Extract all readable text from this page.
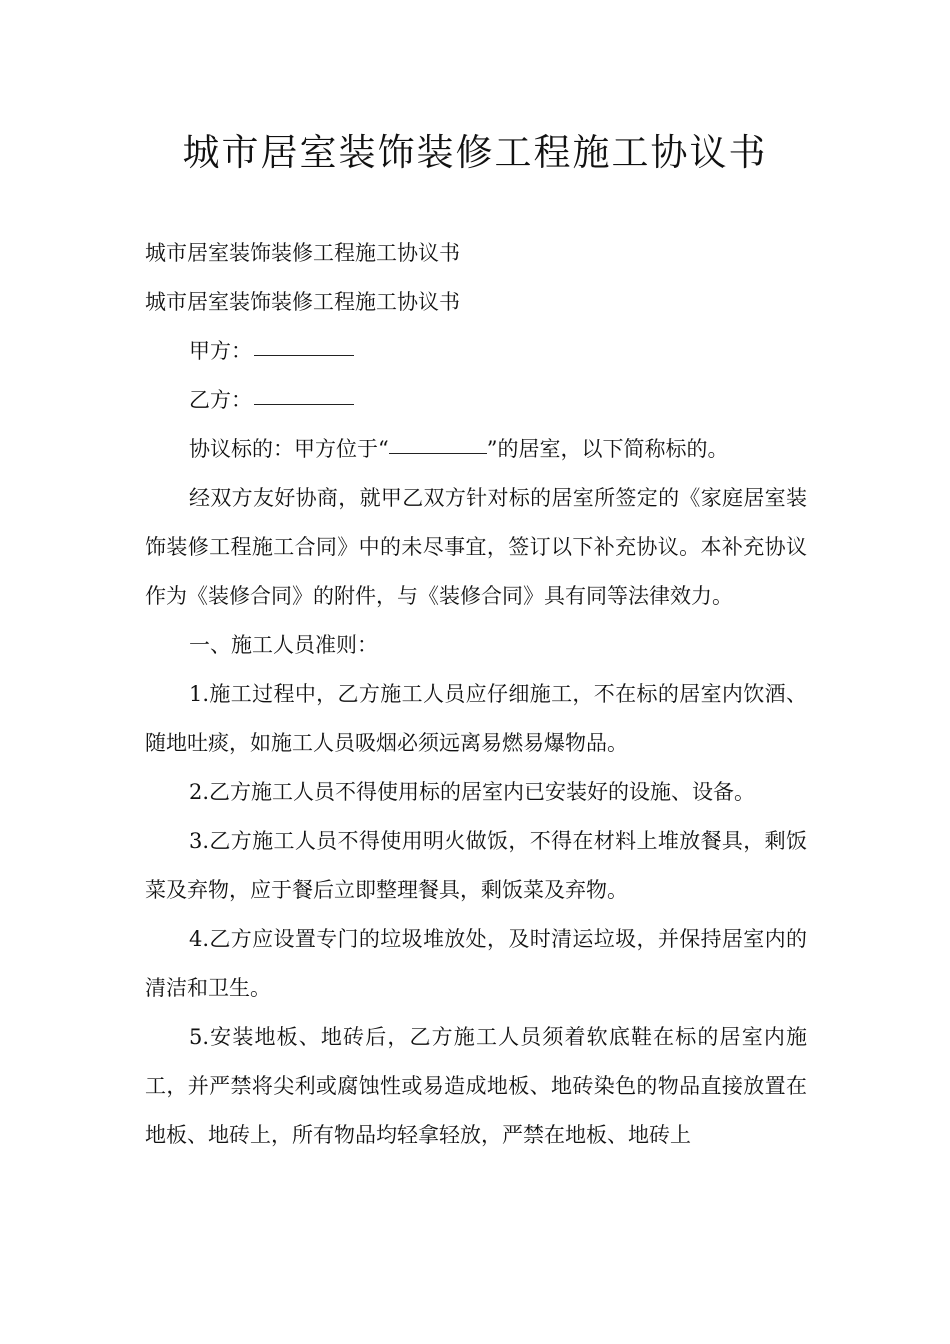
城市居室装饰装修工程施工协议书

城市居室装饰装修工程施工协议书

城市居室装饰装修工程施工协议书

甲方：

乙方：

协议标的：甲方位于“	”的居室，以下简称标的。

经双方友好协商，就甲乙双方针对标的居室所签定的《家庭居室装饰装修工程施工合同》中的未尽事宜，签订以下补充协议。本补充协议作为《装修合同》的附件，与《装修合同》具有同等法律效力。

一、施工人员准则：

1.施工过程中，乙方施工人员应仔细施工，不在标的居室内饮酒、随地吐痰，如施工人员吸烟必须远离易燃易爆物品。

2.乙方施工人员不得使用标的居室内已安装好的设施、设备。

3.乙方施工人员不得使用明火做饭，不得在材料上堆放餐具，剩饭菜及弃物，应于餐后立即整理餐具，剩饭菜及弃物。

4.乙方应设置专门的垃圾堆放处，及时清运垃圾，并保持居室内的清洁和卫生。

5.安装地板、地砖后，乙方施工人员须着软底鞋在标的居室内施工，并严禁将尖利或腐蚀性或易造成地板、地砖染色的物品直接放置在地板、地砖上，所有物品均轻拿轻放，严禁在地板、地砖上
